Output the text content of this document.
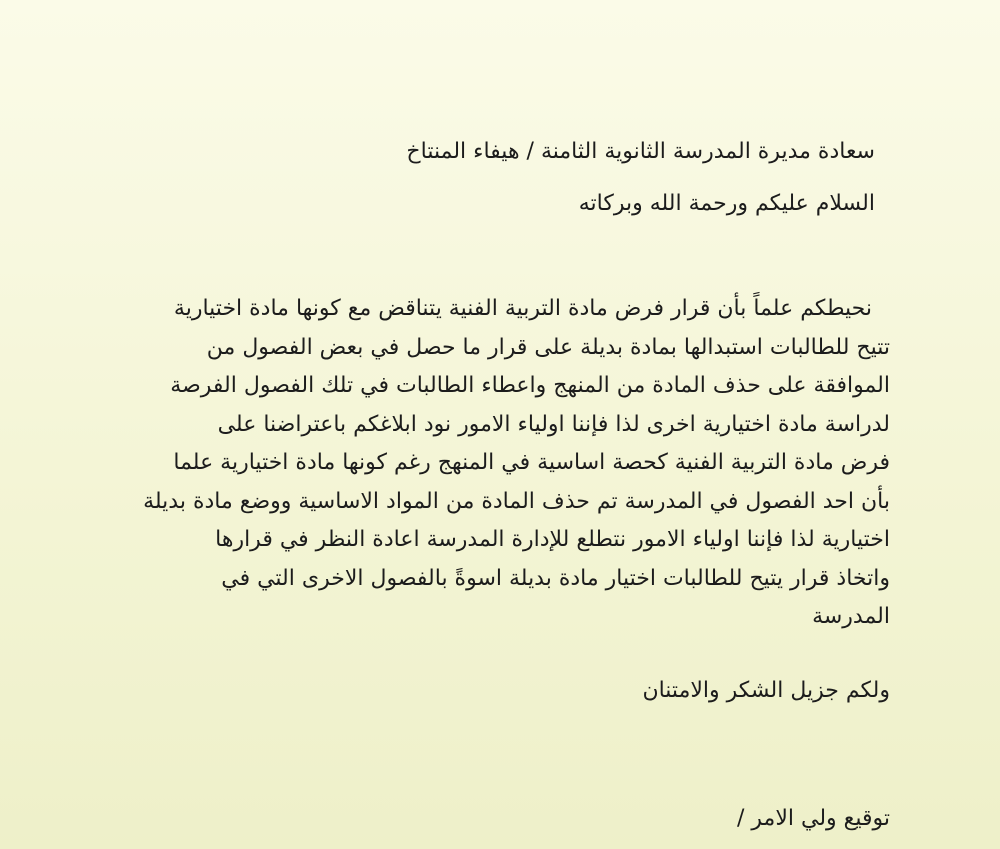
سعادة مديرة المدرسة الثانوية الثامنة / هيفاء المنتاخ
السلام عليكم ورحمة الله وبركاته
نحيطكم علماً بأن قرار فرض مادة التربية الفنية يتناقض مع كونها مادة اختيارية
تتيح للطالبات استبدالها بمادة بديلة على قرار ما حصل في بعض الفصول من
الموافقة على حذف المادة من المنهج واعطاء الطالبات في تلك الفصول الفرصة
لدراسة مادة اختيارية اخرى لذا فإننا اولياء الامور نود ابلاغكم باعتراضنا على
فرض مادة التربية الفنية كحصة اساسية في المنهج رغم كونها مادة اختيارية علما
بأن احد الفصول في المدرسة تم حذف المادة من المواد الاساسية ووضع مادة بديلة
اختيارية لذا فإننا اولياء الامور نتطلع للإدارة المدرسة اعادة النظر في قرارها
واتخاذ قرار يتيح للطالبات اختيار مادة بديلة اسوةً بالفصول الاخرى التي في
المدرسة
ولكم جزيل الشكر والامتنان
توقيع ولي الامر /
